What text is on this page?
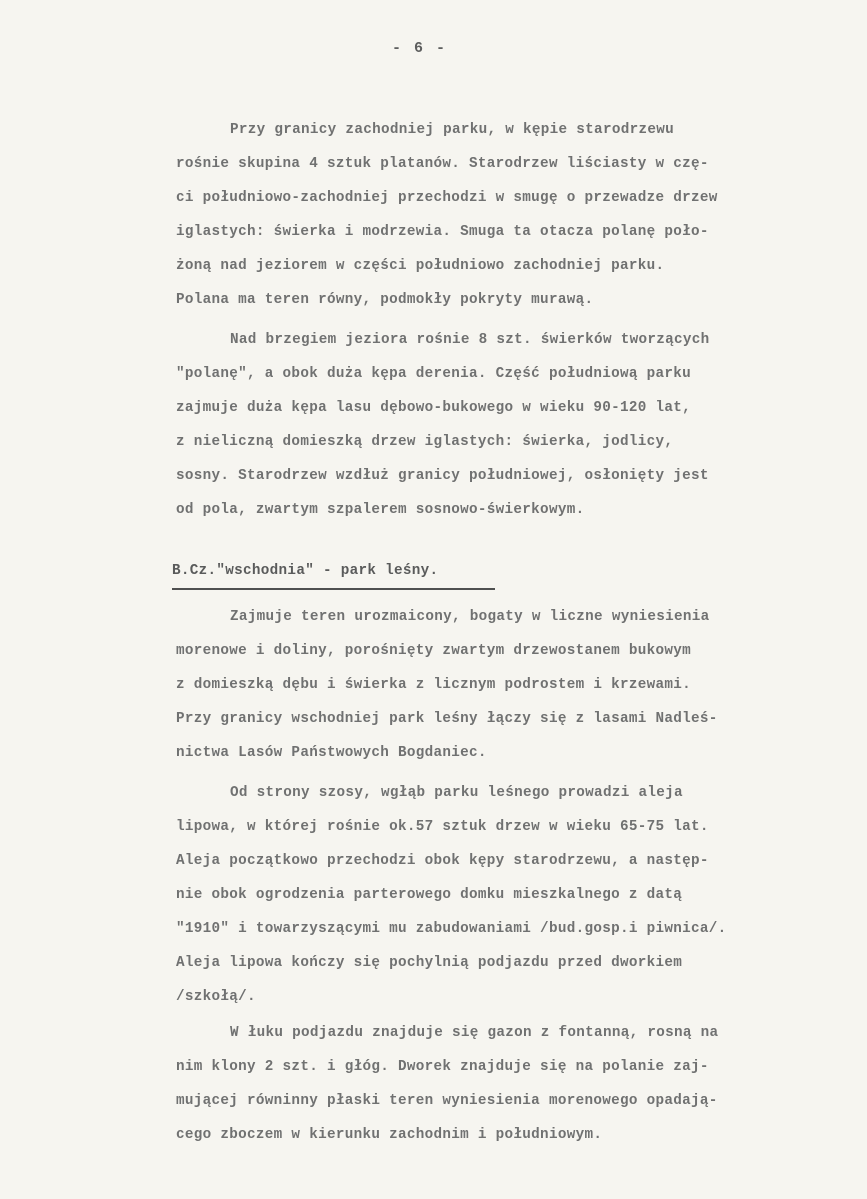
- 6 -
Przy granicy zachodniej parku, w kępie starodrzewu
rośnie skupina 4 sztuk platanów. Starodrzew liściasty w czę-
ci południowo-zachodniej przechodzi w smugę o przewadze drzew
iglastych: świerka i modrzewia. Smuga ta otacza polanę poło-
żoną nad jeziorem w części południowo zachodniej parku.
Polana ma teren równy, podmokły pokryty murawą.
Nad brzegiem jeziora rośnie 8 szt. świerków tworzących
"polanę", a obok duża kępa derenia. Część południową parku
zajmuje duża kępa lasu dębowo-bukowego w wieku 90-120 lat,
z nieliczną domieszką drzew iglastych: świerka, jodlicy,
sosny. Starodrzew wzdłuż granicy południowej, osłonięty jest
od pola, zwartym szpalerem sosnowo-świerkowym.
B.Cz."wschodnia" - park leśny.
Zajmuje teren urozmaicony, bogaty w liczne wyniesienia
morenowe i doliny, porośnięty zwartym drzewostanem bukowym
z domieszką dębu i świerka z licznym podrostem i krzewami.
Przy granicy wschodniej park leśny łączy się z lasami Nadleś-
nictwa Lasów Państwowych Bogdaniec.
Od strony szosy, wgłąb parku leśnego prowadzi aleja
lipowa, w której rośnie ok.57 sztuk drzew w wieku 65-75 lat.
Aleja początkowo przechodzi obok kępy starodrzewu, a następ-
nie obok ogrodzenia parterowego domku mieszkalnego z datą
"1910" i towarzyszącymi mu zabudowaniami /bud.gosp.i piwnica/.
Aleja lipowa kończy się pochylnią podjazdu przed dworkiem
/szkołą/.
W łuku podjazdu znajduje się gazon z fontanną, rosną na
nim klony 2 szt. i głóg. Dworek znajduje się na polanie zaj-
mującej równinny płaski teren wyniesienia morenowego opadają-
cego zboczem w kierunku zachodnim i południowym.
